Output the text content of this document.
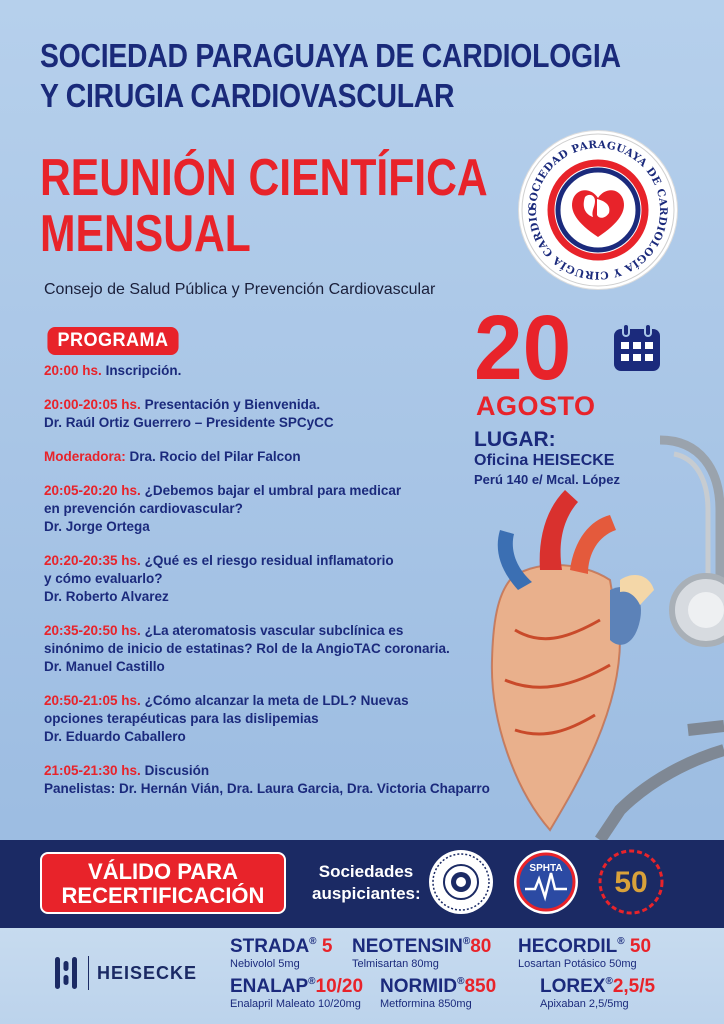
SOCIEDAD PARAGUAYA DE CARDIOLOGIA
Y CIRUGIA CARDIOVASCULAR
REUNIÓN CIENTÍFICA
MENSUAL
Consejo de Salud Pública y Prevención Cardiovascular
SOCIEDAD PARAGUAYA DE CARDIOLOGÍA Y CIRUGÍA CARDIO
PROGRAMA
20:00 hs. Inscripción.
20:00-20:05 hs. Presentación y Bienvenida.
Dr. Raúl Ortiz Guerrero – Presidente SPCyCC
Moderadora: Dra. Rocio del Pilar Falcon
20:05-20:20 hs. ¿Debemos bajar el umbral para medicar
en prevención cardiovascular?
Dr. Jorge Ortega
20:20-20:35 hs. ¿Qué es el riesgo residual inflamatorio
y cómo evaluarlo?
Dr. Roberto Alvarez
20:35-20:50 hs. ¿La ateromatosis vascular subclínica es
sinónimo de inicio de estatinas? Rol de la AngioTAC coronaria.
Dr. Manuel Castillo
20:50-21:05 hs. ¿Cómo alcanzar la meta de LDL? Nuevas
opciones terapéuticas para las dislipemias
Dr. Eduardo Caballero
21:05-21:30 hs. Discusión
Panelistas: Dr. Hernán Vián, Dra. Laura Garcia, Dra. Victoria Chaparro
20
AGOSTO
LUGAR:
Oficina HEISECKE
Perú 140 e/ Mcal. López
VÁLIDO PARA
RECERTIFICACIÓN
Sociedades
auspiciantes:
SPHTA 50
HEISECKE
STRADA® 5
Nebivolol 5mg
NEOTENSIN®80
Telmisartan 80mg
HECORDIL® 50
Losartan Potásico 50mg
ENALAP®10/20
Enalapril Maleato 10/20mg
NORMID®850
Metformina 850mg
LOREX®2,5/5
Apixaban 2,5/5mg
